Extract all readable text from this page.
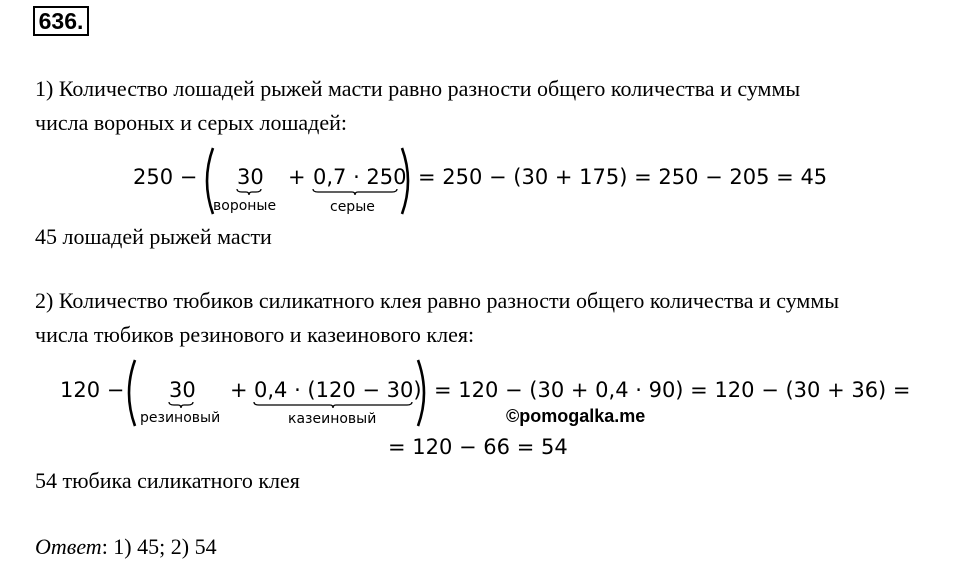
636.
1) Количество лошадей рыжей масти равно разности общего количества и суммы
числа вороных и серых лошадей:
250 − 30
вороные
+ 0,7 · 250
серые
= 250 − (30 + 175) = 250 − 205 = 45
45 лошадей рыжей масти
2) Количество тюбиков силикатного клея равно разности общего количества и суммы
числа тюбиков резинового и казеинового клея:
120 − 30
резиновый
+ 0,4 · (120 − 30)
казеиновый
= 120 − (30 + 0,4 · 90) = 120 − (30 + 36) =
= 120 − 66 = 54
©pomogalka.me
54 тюбика силикатного клея
Ответ: 1) 45; 2) 54
